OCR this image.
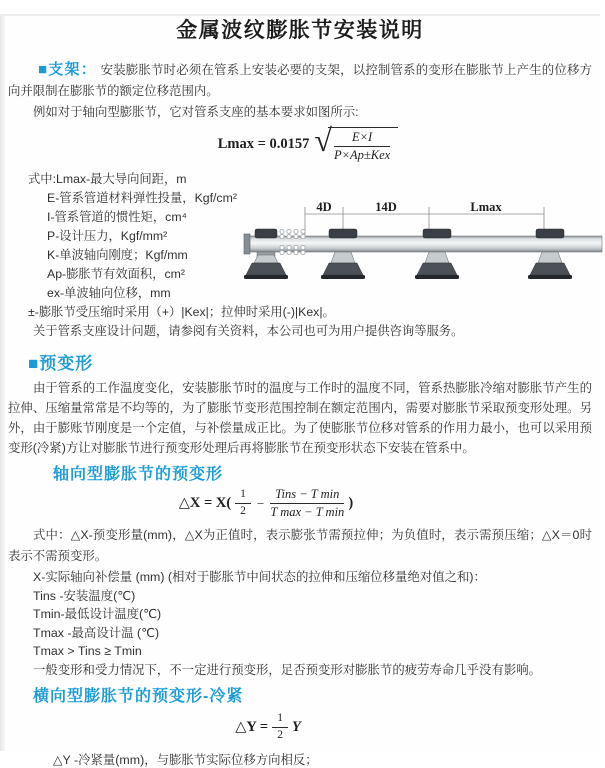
金属波纹膨胀节安装说明

■支架： 安装膨胀节时必须在管系上安装必要的支架，以控制管系的变形在膨胀节上产生的位移方向并限制在膨胀节的额定位移范围内。

例如对于轴向型膨胀节，它对管系支座的基本要求如图所示:

Lmax = 0.0157 √ $\frac{E\times I}{\text{P×Ap±Kex}}$
式中:Lmax-最大导向间距，m
E-管系管道材料弹性投量，Kgf/cm²
I-管系管道的惯性矩，cm⁴
P-设计压力，Kgf/mm²
K-单波轴向刚度；Kgf/mm
Ap-膨胀节有效面积，cm²
ex-单波轴向位移，mm
±-膨胀节受压缩时采用（+）|Kex|；拉伸时采用(-)|Kex|。

关于管系支座设计问题，请参阅有关资料，本公司也可为用户提供咨询等服务。

4D	14D	Lmax
■预变形

由于管系的工作温度变化，安装膨胀节时的温度与工作时的温度不同，管系热膨胀冷缩对膨胀节产生的拉伸、压缩量常常是不均等的，为了膨胀节变形范围控制在额定范围内，需要对膨胀节采取预变形处理。另外，由于膨账节刚度是一个定值，与补偿量成正比。为了使膨胀节位移对管系的作用力最小，也可以采用预变形(冷紧)方让对膨胀节进行预变形处理后再将膨胀节在预变形状态下安装在管系中。

轴向型膨胀节的预变形
△X = $X( \frac{1}{2} - \frac{\text{Tins − T min}}{\text{T max − T min}}$ )

式中：△X-预变形量(mm)，△X为正值时，表示膨张节需预拉伸；为负值时，表示需预压缩；△X＝0时表示不需预变形。

X-实际轴向补偿量 (mm) (相对于膨胀节中间状态的拉伸和压缩位移量绝对值之和)：

Tins -安装温度(℃)

Tmin-最低设计温度(℃)

Tmax -最高设计温 (℃)

Tmax > Tins ≥ Tmin

一般变形和受力情况下，不一定进行预变形，足否预变形对膨胀节的疲劳寿命几乎没有影响。

横向型膨胀节的预变形-冷紧
△Y = $\frac{1}{2}$ Y

△Y -冷紧量(mm)，与膨胀节实际位移方向相反；
